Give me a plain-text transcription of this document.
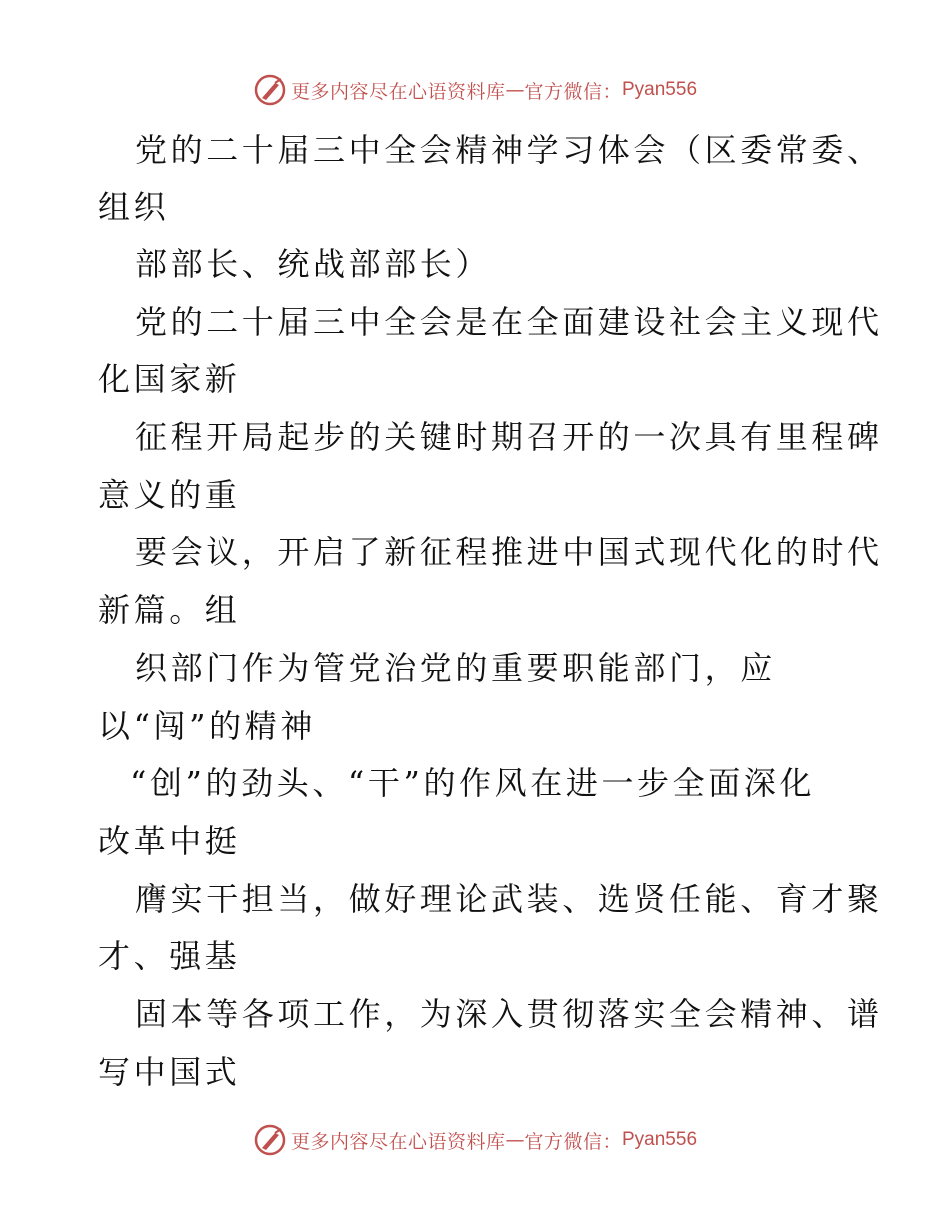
更多内容尽在心语资料库 — 官方微信： Pyan556
党的二十届三中全会精神学习体会（区委常委、
组织
部部长、统战部部长）
党的二十届三中全会是在全面建设社会主义现代
化国家新
征程开局起步的关键时期召开的一次具有里程碑
意义的重
要会议，开启了新征程推进中国式现代化的时代
新篇。组
织部门作为管党治党的重要职能部门，应
以“闯”的精神
“创”的劲头、“干”的作风在进一步全面深化
改革中挺
膺实干担当，做好理论武装、选贤任能、育才聚
才、强基
固本等各项工作，为深入贯彻落实全会精神、谱
写中国式
更多内容尽在心语资料库 — 官方微信： Pyan556
